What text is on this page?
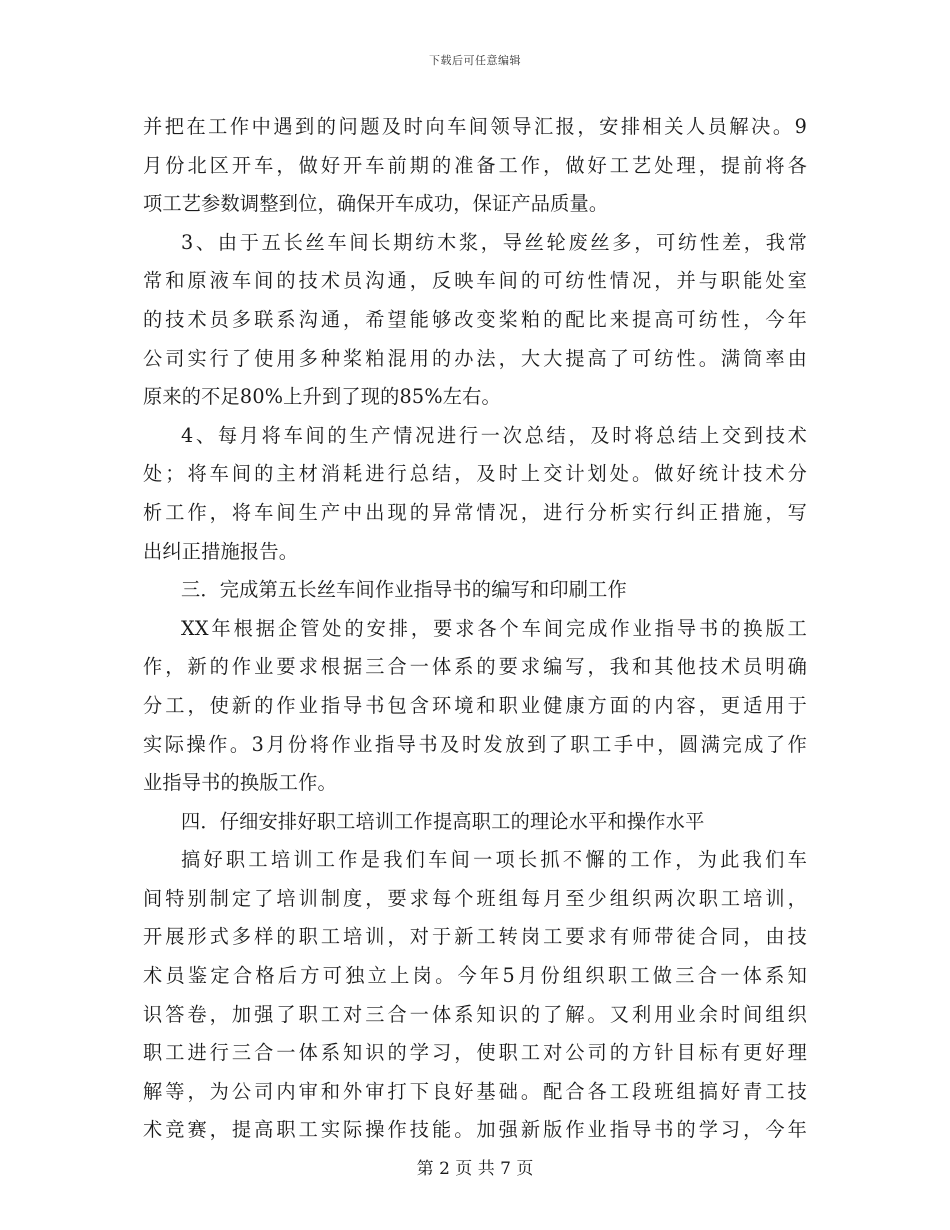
下载后可任意编辑
并把在工作中遇到的问题及时向车间领导汇报，安排相关人员解决。9
月份北区开车，做好开车前期的准备工作，做好工艺处理，提前将各
项工艺参数调整到位，确保开车成功，保证产品质量。
3、由于五长丝车间长期纺木浆，导丝轮废丝多，可纺性差，我常
常和原液车间的技术员沟通，反映车间的可纺性情况，并与职能处室
的技术员多联系沟通，希望能够改变桨粕的配比来提高可纺性，今年
公司实行了使用多种桨粕混用的办法，大大提高了可纺性。满筒率由
原来的不足80%上升到了现的85%左右。
4、每月将车间的生产情况进行一次总结，及时将总结上交到技术
处；将车间的主材消耗进行总结，及时上交计划处。做好统计技术分
析工作，将车间生产中出现的异常情况，进行分析实行纠正措施，写
出纠正措施报告。
三．完成第五长丝车间作业指导书的编写和印刷工作
XX年根据企管处的安排，要求各个车间完成作业指导书的换版工
作，新的作业要求根据三合一体系的要求编写，我和其他技术员明确
分工，使新的作业指导书包含环境和职业健康方面的内容，更适用于
实际操作。3月份将作业指导书及时发放到了职工手中，圆满完成了作
业指导书的换版工作。
四．仔细安排好职工培训工作提高职工的理论水平和操作水平
搞好职工培训工作是我们车间一项长抓不懈的工作，为此我们车
间特别制定了培训制度，要求每个班组每月至少组织两次职工培训，
开展形式多样的职工培训，对于新工转岗工要求有师带徒合同，由技
术员鉴定合格后方可独立上岗。今年5月份组织职工做三合一体系知
识答卷，加强了职工对三合一体系知识的了解。又利用业余时间组织
职工进行三合一体系知识的学习，使职工对公司的方针目标有更好理
解等，为公司内审和外审打下良好基础。配合各工段班组搞好青工技
术竞赛，提高职工实际操作技能。加强新版作业指导书的学习，今年
第 2 页 共 7 页
